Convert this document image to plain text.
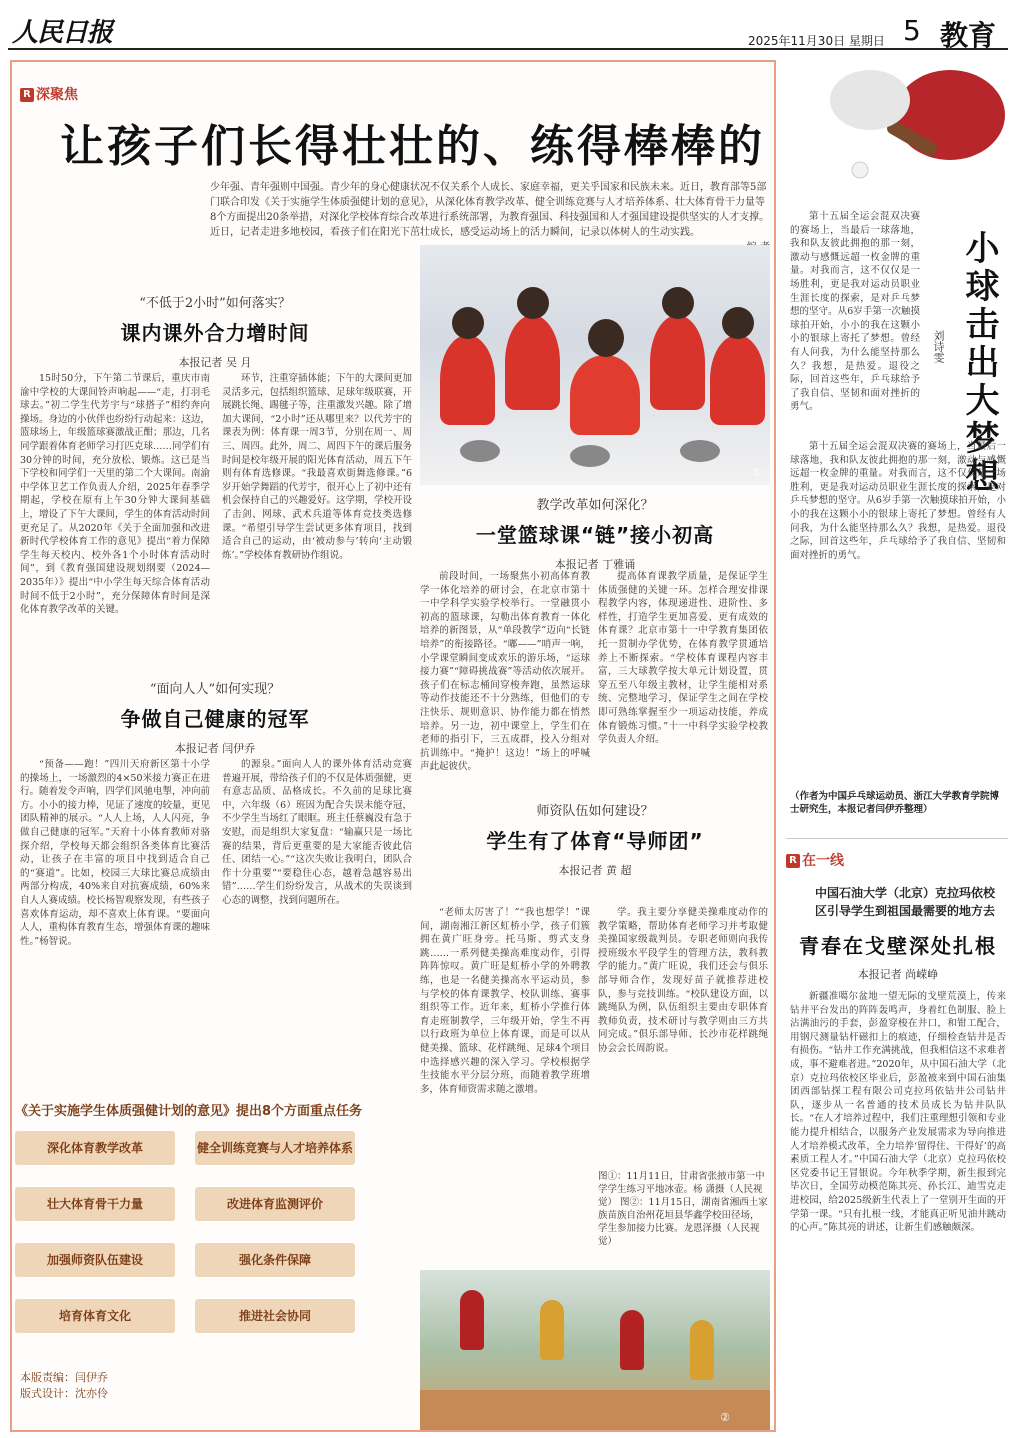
人民日报	2025年11月30日 星期日 5 教育
R 深聚焦
让孩子们长得壮壮的、练得棒棒的
少年强、青年强则中国强。青少年的身心健康状况不仅关系个人成长、家庭幸福，更关乎国家和民族未来。近日，教育部等5部门联合印发《关于实施学生体质强健计划的意见》，从深化体育教学改革、健全训练竞赛与人才培养体系、壮大体育骨干力量等8个方面提出20条举措，对深化学校体育综合改革进行系统部署，为教育强国、科技强国和人才强国建设提供坚实的人才支撑。近日，记者走进多地校园，看孩子们在阳光下茁壮成长，感受运动场上的活力瞬间，记录以体树人的生动实践。
“不低于2小时”如何落实？
课内课外合力增时间
本报记者 吴 月

15时50分，下午第二节课后，重庆市南渝中学校的大课间铃声响起——“走，打羽毛球去。”初二学生代芳宇与“球搭子”相约奔向操场。身边的小伙伴也纷纷行动起来：这边，篮球场上，年级篮球赛激战正酣；那边，几名同学跟着体育老师学习打匹克球……同学们有30分钟的时间，充分放松、锻炼。这已是当下学校和同学们一天里的第二个大课间。南渝中学体卫艺工作负责人介绍，2025年春季学期起，学校在原有上午30分钟大课间基础上，增设了下午大课间，学生的体育活动时间更充足了。从2020年《关于全面加强和改进新时代学校体育工作的意见》提出“着力保障学生每天校内、校外各1个小时体育活动时间”，到《教育强国建设规划纲要（2024—2035年）》提出“中小学生每天综合体育活动时间不低于2小时”，充分保障体育时间是深化体育教学改革的关键。

环节，注重穿插体能；下午的大课间更加灵活多元，包括组织篮球、足球年级联赛，开展跳长绳、踢毽子等，注重激发兴趣。除了增加大课间，“2小时”还从哪里来？以代芳宇的课表为例：体育课一周3节，分别在周一、周三、周四。此外，周二、周四下午的课后服务时间是校年级开展的阳光体育活动，周五下午则有体育选修课。“我最喜欢街舞选修课。”6岁开始学舞蹈的代芳宇，很开心上了初中还有机会保持自己的兴趣爱好。这学期，学校开设了击剑、网球、武术兵道等体育竞技类选修课。“希望引导学生尝试更多体育项目，找到适合自己的运动，由‘被动参与’转向‘主动锻炼’。”学校体育教研协作组说。

①
教学改革如何深化？
一堂篮球课“链”接小初高
本报记者 丁雅诵

前段时间，一场聚焦小初高体育教学一体化培养的研讨会，在北京市第十一中学科学实验学校举行。一堂融贯小初高的篮球课，勾勒出体育教育一体化培养的新图景，从“单段教学”迈向“长链培养”的衔接路径。“嘟——”哨声一响，小学课堂瞬间变成欢乐的游乐场，“运球接力赛”“障碍挑战赛”等活动依次展开。孩子们在标志桶间穿梭奔跑，虽然运球等动作技能还不十分熟练，但他们的专注快乐、规则意识、协作能力都在悄然培养。另一边，初中课堂上，学生们在老师的指引下，三五成群，投入分组对抗训练中。“掩护！这边！”场上的呼喊声此起彼伏。

提高体育课教学质量，是保证学生体质强健的关键一环。怎样合理安排课程教学内容，体现递进性、进阶性、多样性，打造学生更加喜爱、更有成效的体育课？北京市第十一中学教育集团依托一贯制办学优势，在体育教学贯通培养上不断探索。“学校体育课程内容丰富，三大球教学按大单元计划设置，贯穿五至八年级主教材，让学生能相对系统、完整地学习，保证学生之间在学校即可熟练掌握至少一项运动技能，养成体育锻炼习惯。”十一中科学实验学校教学负责人介绍。

“面向人人”如何实现？
争做自己健康的冠军
本报记者 闫伊乔

“预备——跑！”四川天府新区第十小学的操场上，一场激烈的4×50米接力赛正在进行。随着发令声响，四学们风驰电掣，冲向前方。小小的接力棒，见证了速度的较量，更见团队精神的展示。“人人上场，人人闪亮，争做自己健康的冠军。”天府十小体育教师对骆探介绍，学校每天都会组织各类体育比赛活动，让孩子在丰富的项目中找到适合自己的“赛道”。比如，校园三大球比赛总成绩由两部分构成，40%来自对抗赛成绩，60%来自人人赛成绩。校长杨智观察发现，有些孩子喜欢体育运动，却不喜欢上体育课。“要面向人人，重构体育教育生态，增强体育课的趣味性。”杨智说。

的源泉。”面向人人的课外体育活动竞赛普遍开展，带给孩子们的不仅是体质强健，更有意志品质、品格成长。不久前的足球比赛中，六年级（6）班因为配合失误未能夺冠，不少学生当场红了眼眶。班主任蔡巍没有急于安慰，而是组织大家复盘：“输赢只是一场比赛的结果，背后更重要的是大家能否彼此信任、团结一心。”“这次失败让我明白，团队合作十分重要”“要稳住心态，越着急越容易出错”……学生们纷纷发言，从战术的失误谈到心态的调整，找到问题所在。

师资队伍如何建设？
学生有了体育“导师团”
本报记者 黄 超

“老师太厉害了！”“我也想学！”课间，湖南湘江新区虹桥小学，孩子们簇拥在黄广旺身旁。托马斯、剪式支身跳……一系列健美操高难度动作，引得阵阵惊叹。黄广旺是虹桥小学的外聘教练，也是一名健美操高水平运动员，参与学校的体育课教学、校队训练、赛事组织等工作。近年来，虹桥小学推行体育走班制教学，三年级开始，学生不再以行政班为单位上体育课，而是可以从健美操、篮球、花样跳绳、足球4个项目中选择感兴趣的深入学习。学校根据学生技能水平分层分班，而随着教学班增多，体育师资需求随之激增。

学。我主要分享健美操难度动作的教学策略，帮助体育老师学习并考取健美操国家级裁判员。专职老师则向我传授班级水平段学生的管理方法，教科教学的能力。”黄广旺说，我们还会与俱乐部导师合作，发现好苗子就推荐进校队，参与竞技训练。“校队建设方面，以跳绳队为例，队伍组织主要由专职体育教师负责，技术研讨与教学则由三方共同完成。”俱乐部导师、长沙市花样跳绳协会会长周韵说。

图①：11月11日，甘肃省张掖市第一中学学生练习平地冰壶。杨 潇摄（人民视觉） 图②：11月15日，湖南省湘西土家族苗族自治州花垣县华鑫学校田径场，学生参加接力比赛。龙恩泽摄（人民视觉）
《关于实施学生体质强健计划的意见》提出8个方面重点任务
深化体育教学改革	健全训练竞赛与人才培养体系
壮大体育骨干力量	改进体育监测评价
加强师资队伍建设	强化条件保障
培育体育文化	推进社会协同
②
本版责编：闫伊乔
版式设计：沈亦伶
小球击出大梦想
刘诗雯

第十五届全运会混双决赛的赛场上，当最后一球落地，我和队友彼此拥抱的那一刻，激动与感慨远超一枚金牌的重量。对我而言，这不仅仅是一场胜利，更是我对运动员职业生涯长度的探索，是对乒乓梦想的坚守。从6岁手第一次触摸球拍开始，小小的我在这颗小小的银球上寄托了梦想。曾经有人问我，为什么能坚持那么久？我想，是热爱。退役之际，回首这些年，乒乓球给予了我自信、坚韧和面对挫折的勇气。

第十五届全运会混双决赛的赛场上，当最后一球落地，我和队友彼此拥抱的那一刻，激动与感慨远超一枚金牌的重量。对我而言，这不仅仅是一场胜利，更是我对运动员职业生涯长度的探索，是对乒乓梦想的坚守。从6岁手第一次触摸球拍开始，小小的我在这颗小小的银球上寄托了梦想。曾经有人问我，为什么能坚持那么久？我想，是热爱。退役之际，回首这些年，乒乓球给予了我自信、坚韧和面对挫折的勇气。

（作者为中国乒乓球运动员、浙江大学教育学院博士研究生，本报记者闫伊乔整理）
R 在一线
中国石油大学（北京）克拉玛依校区引导学生到祖国最需要的地方去
青春在戈壁深处扎根
本报记者 尚嵘峥

新疆准噶尔盆地一望无际的戈壁荒漠上，传来钻井平台发出的阵阵轰鸣声，身着红色制服、脸上沾满油污的手套，彭盈穿梭在井口，和钳工配合，用钢尺测量钻杆磁扣上的痕迹，仔细检查钻井是否有损伤。“钻井工作充满挑战，但我相信这不求难者成，事不避难者进。”2020年，从中国石油大学（北京）克拉玛依校区毕业后，彭盈被来到中国石油集团西部钻探工程有限公司克拉玛依钻井公司钻井队，逐步从一名普通的技术员成长为钻井队队长。“在人才培养过程中，我们注重理想引领和专业能力提升相结合，以服务产业发展需求为导向推进人才培养模式改革，全力培养‘留得住、干得好’的高素质工程人才。”中国石油大学（北京）克拉玛依校区党委书记王冒银说。今年秋季学期，新生报到完毕次日，全国劳动模范陈其亮、孙长江、迪雪克走进校园，给2025级新生代表上了一堂别开生面的开学第一课。“只有扎根一线，才能真正听见油井跳动的心声。”陈其亮的讲述，让新生们感触颇深。
